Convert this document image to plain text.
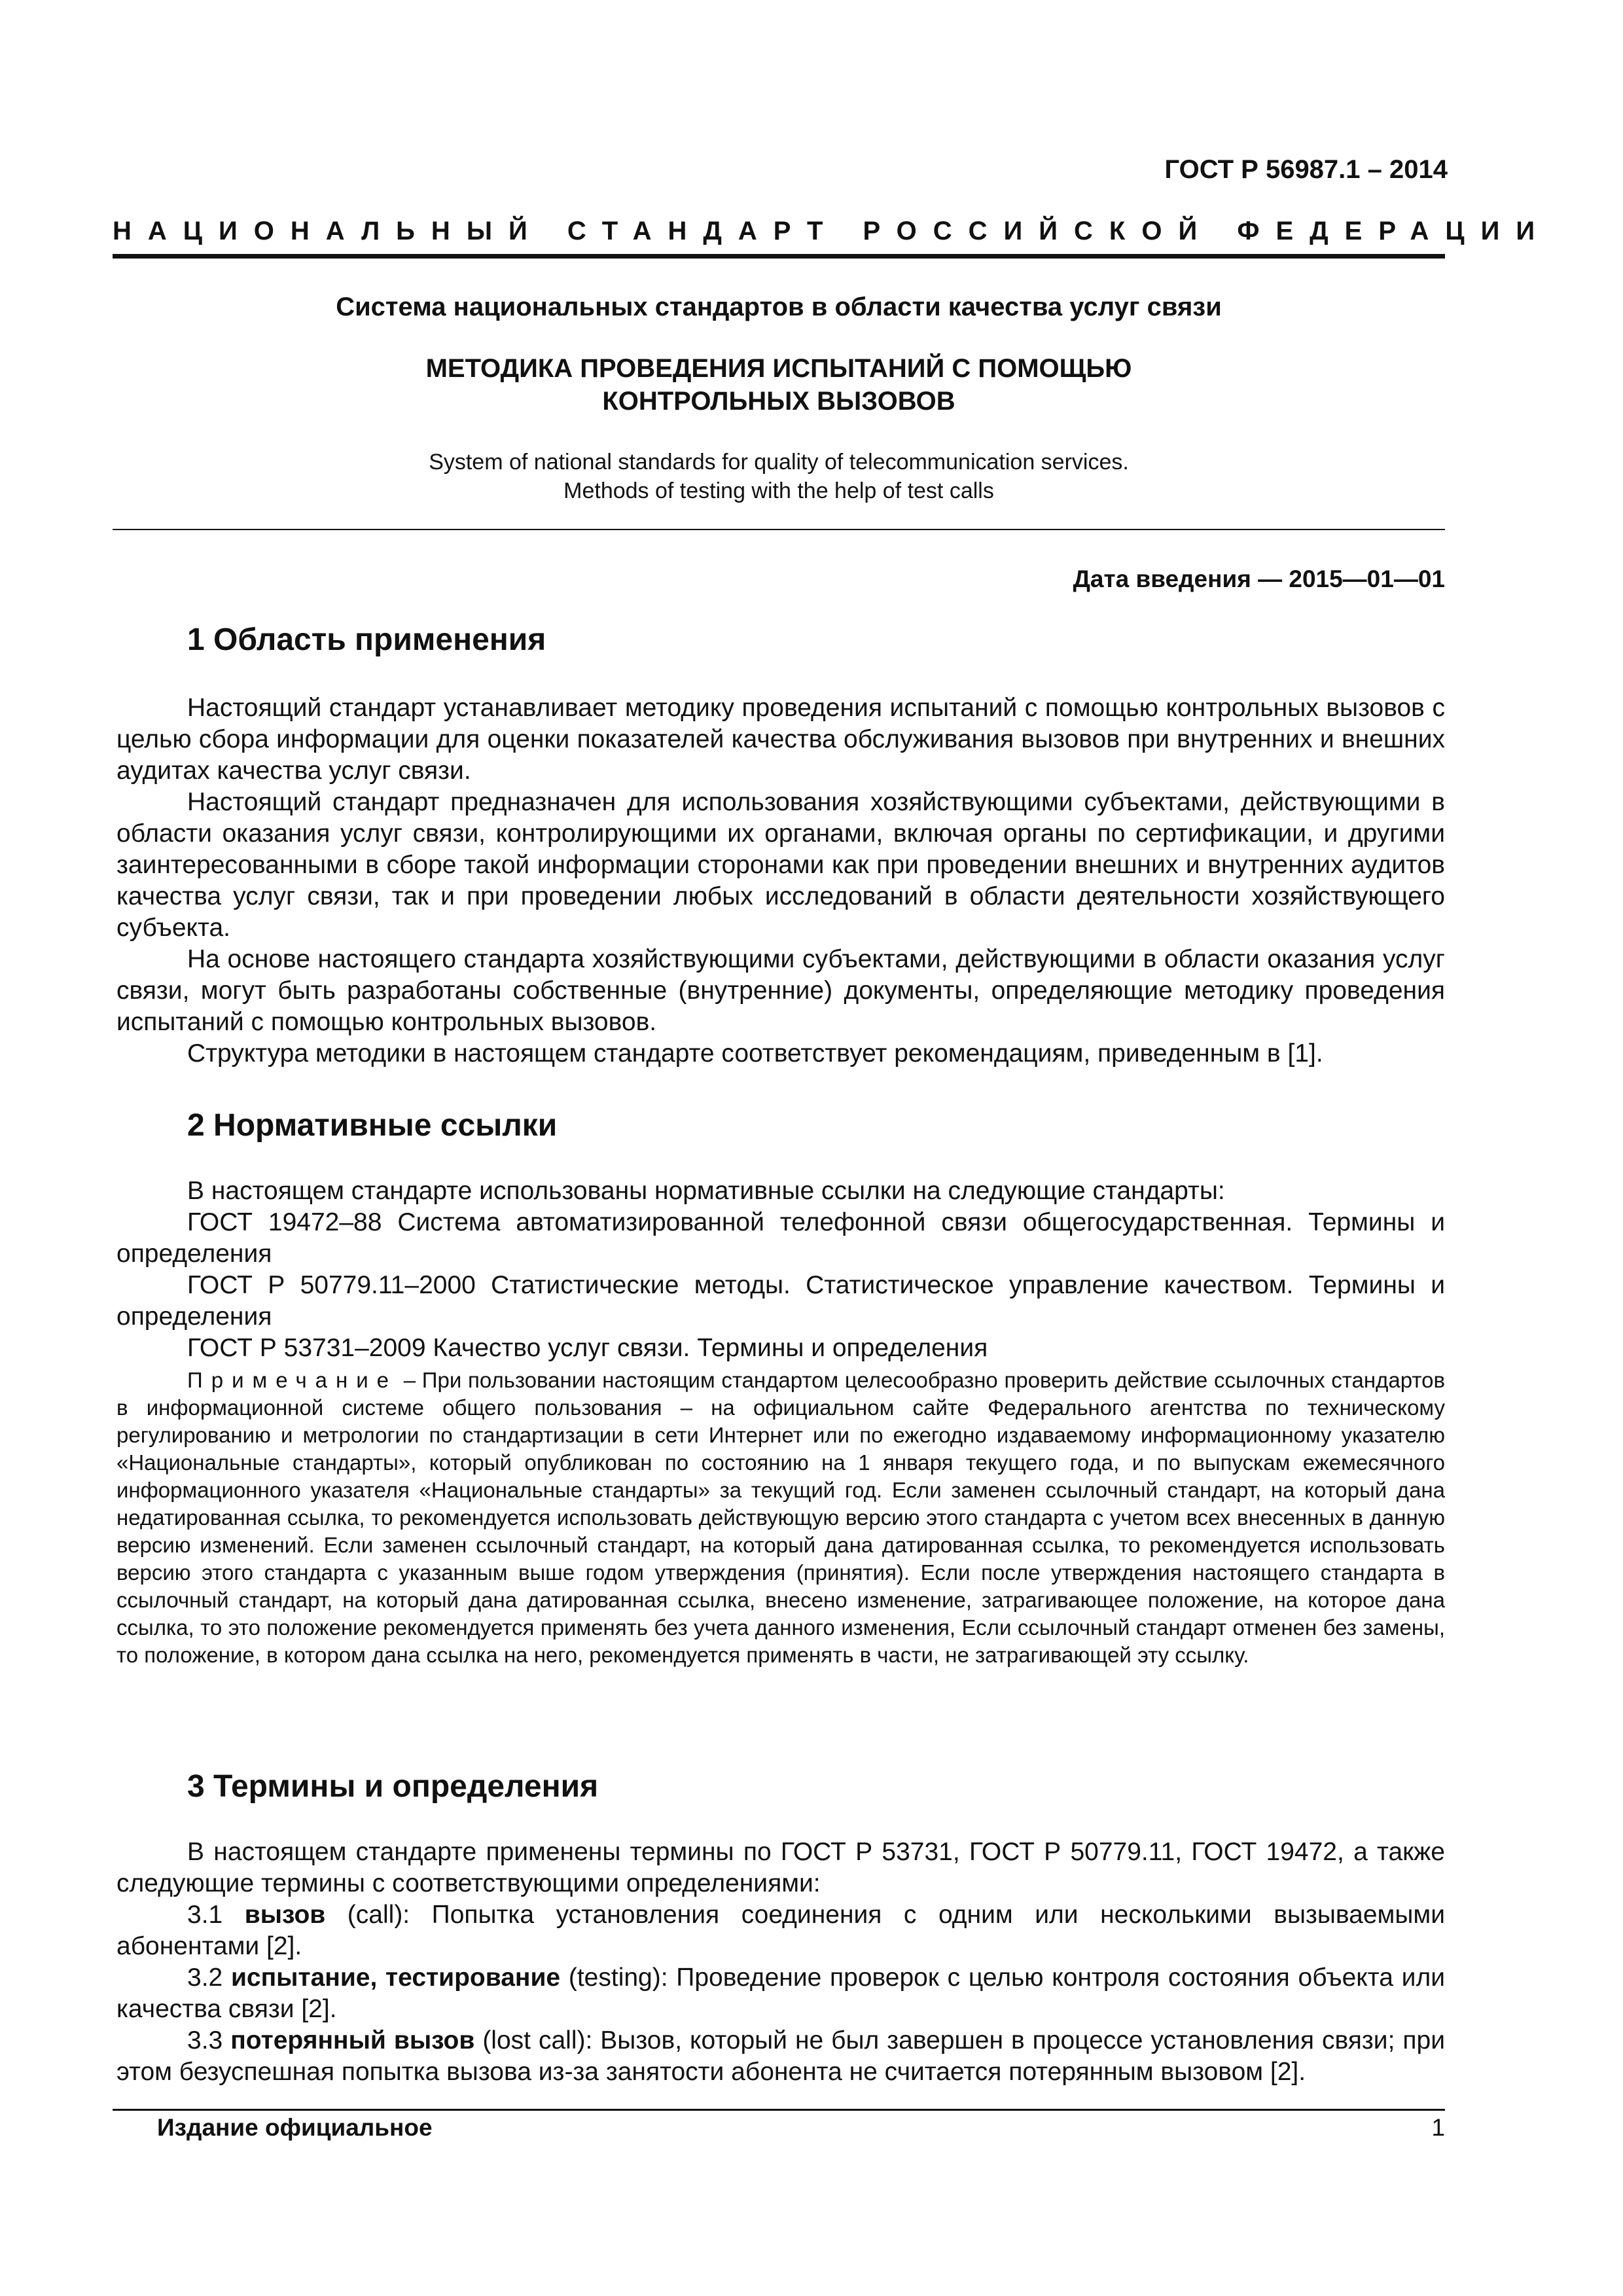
ГОСТ Р 56987.1 – 2014
НАЦИОНАЛЬНЫЙ СТАНДАРТ РОССИЙСКОЙ ФЕДЕРАЦИИ
Система национальных стандартов в области качества услуг связи
МЕТОДИКА ПРОВЕДЕНИЯ ИСПЫТАНИЙ С ПОМОЩЬЮ
КОНТРОЛЬНЫХ ВЫЗОВОВ
System of national standards for quality of telecommunication services.
Methods of testing with the help of test calls
Дата введения — 2015—01—01
1 Область применения

Настоящий стандарт устанавливает методику проведения испытаний с помощью контрольных вызовов с целью сбора информации для оценки показателей качества обслуживания вызовов при внутренних и внешних аудитах качества услуг связи.

Настоящий стандарт предназначен для использования хозяйствующими субъектами, действующими в области оказания услуг связи, контролирующими их органами, включая органы по сертификации, и другими заинтересованными в сборе такой информации сторонами как при проведении внешних и внутренних аудитов качества услуг связи, так и при проведении любых исследований в области деятельности хозяйствующего субъекта.

На основе настоящего стандарта хозяйствующими субъектами, действующими в области оказания услуг связи, могут быть разработаны собственные (внутренние) документы, определяющие методику проведения испытаний с помощью контрольных вызовов.

Структура методики в настоящем стандарте соответствует рекомендациям, приведенным в [1].

2 Нормативные ссылки

В настоящем стандарте использованы нормативные ссылки на следующие стандарты:

ГОСТ 19472–88 Система автоматизированной телефонной связи общегосударственная. Термины и определения

ГОСТ Р 50779.11–2000 Статистические методы. Статистическое управление качеством. Термины и определения

ГОСТ Р 53731–2009 Качество услуг связи. Термины и определения

Примечание – При пользовании настоящим стандартом целесообразно проверить действие ссылочных стандартов в информационной системе общего пользования – на официальном сайте Федерального агентства по техническому регулированию и метрологии по стандартизации в сети Интернет или по ежегодно издаваемому информационному указателю «Национальные стандарты», который опубликован по состоянию на 1 января текущего года, и по выпускам ежемесячного информационного указателя «Национальные стандарты» за текущий год. Если заменен ссылочный стандарт, на который дана недатированная ссылка, то рекомендуется использовать действующую версию этого стандарта с учетом всех внесенных в данную версию изменений. Если заменен ссылочный стандарт, на который дана датированная ссылка, то рекомендуется использовать версию этого стандарта с указанным выше годом утверждения (принятия). Если после утверждения настоящего стандарта в ссылочный стандарт, на который дана датированная ссылка, внесено изменение, затрагивающее положение, на которое дана ссылка, то это положение рекомендуется применять без учета данного изменения, Если ссылочный стандарт отменен без замены, то положение, в котором дана ссылка на него, рекомендуется применять в части, не затрагивающей эту ссылку.

3 Термины и определения

В настоящем стандарте применены термины по ГОСТ Р 53731, ГОСТ Р 50779.11, ГОСТ 19472, а также следующие термины с соответствующими определениями:

3.1 вызов (call): Попытка установления соединения с одним или несколькими вызываемыми абонентами [2].

3.2 испытание, тестирование (testing): Проведение проверок с целью контроля состояния объекта или качества связи [2].

3.3 потерянный вызов (lost call): Вызов, который не был завершен в процессе установления связи; при этом безуспешная попытка вызова из-за занятости абонента не считается потерянным вызовом [2].

Издание официальное	1
